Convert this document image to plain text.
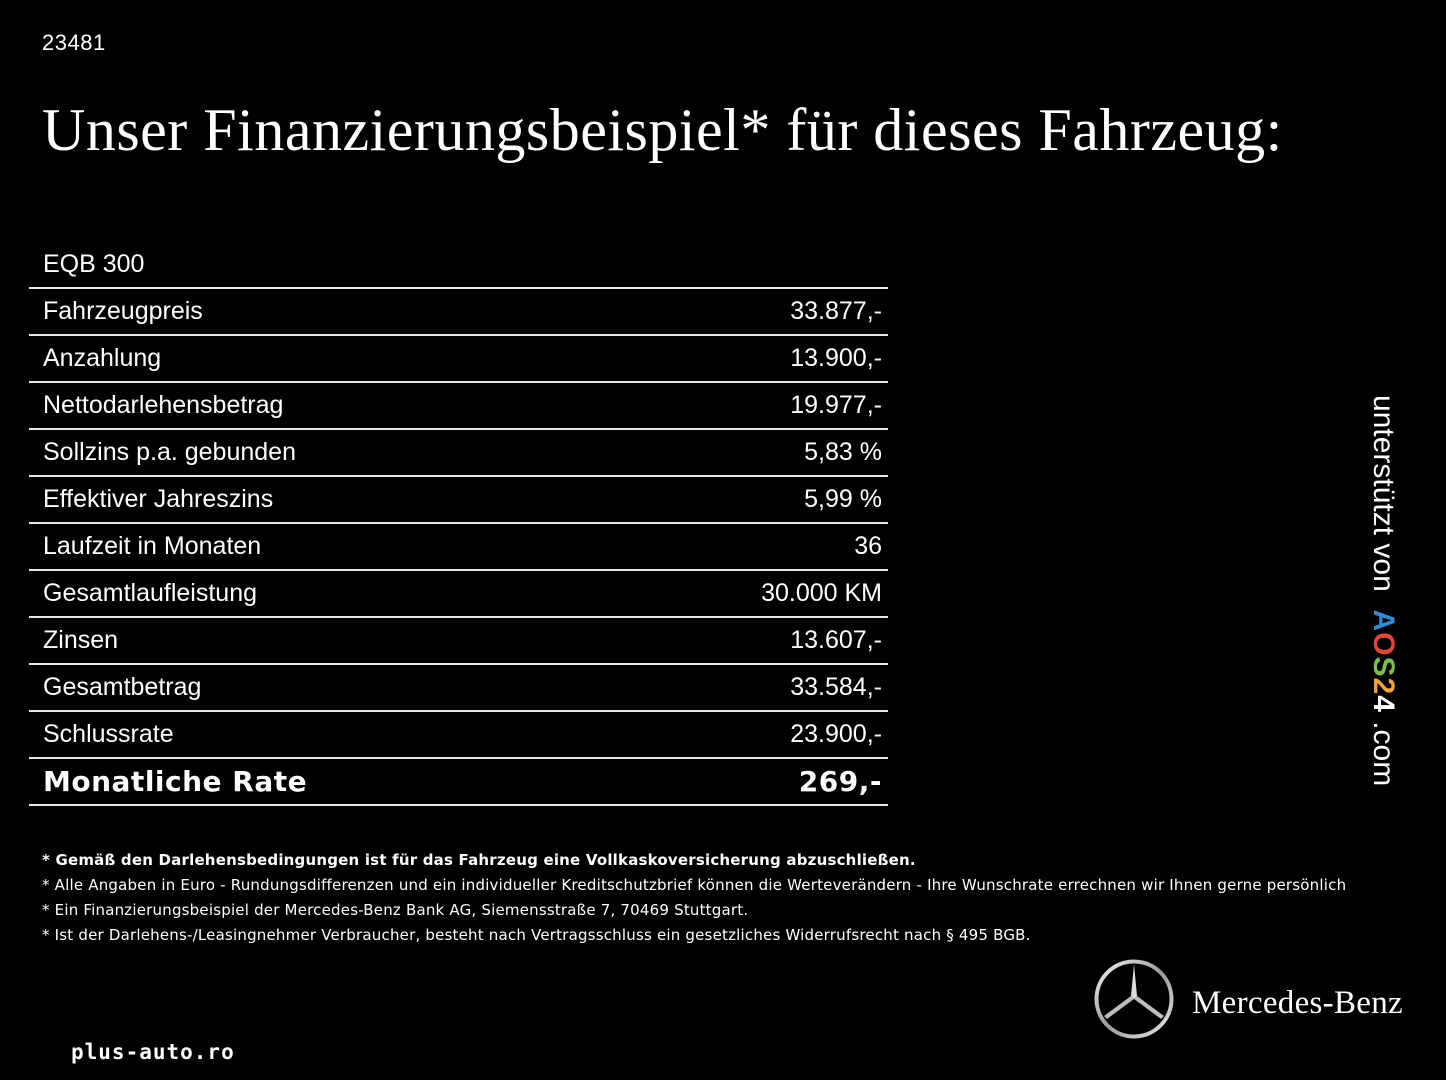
23481
Unser Finanzierungsbeispiel* für dieses Fahrzeug:
EQB 300
Fahrzeugpreis	33.877,-
Anzahlung	13.900,-
Nettodarlehensbetrag	19.977,-
Sollzins p.a. gebunden	5,83 %
Effektiver Jahreszins	5,99 %
Laufzeit in Monaten	36
Gesamtlaufleistung	30.000 KM
Zinsen	13.607,-
Gesamtbetrag	33.584,-
Schlussrate	23.900,-
Monatliche Rate	269,-
* Gemäß den Darlehensbedingungen ist für das Fahrzeug eine Vollkaskoversicherung abzuschließen.
* Alle Angaben in Euro - Rundungsdifferenzen und ein individueller Kreditschutzbrief können die Werteverändern - Ihre Wunschrate errechnen wir Ihnen gerne persönlich
* Ein Finanzierungsbeispiel der Mercedes-Benz Bank AG, Siemensstraße 7, 70469 Stuttgart.
* Ist der Darlehens-/Leasingnehmer Verbraucher, besteht nach Vertragsschluss ein gesetzliches Widerrufsrecht nach § 495 BGB.
unterstützt von  AOS24 .com
Mercedes-Benz
plus-auto.ro
